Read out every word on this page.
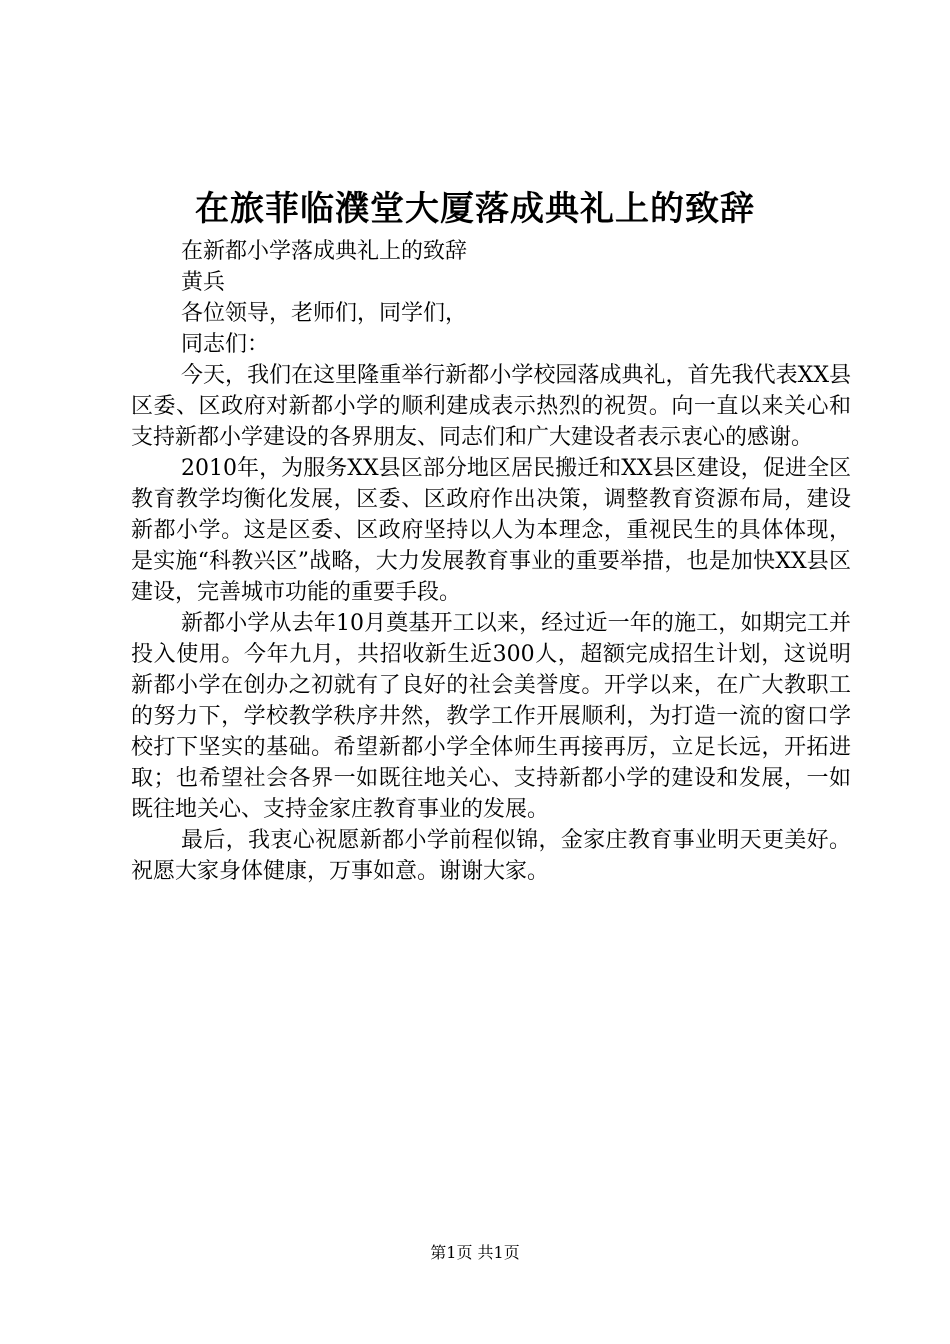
在旅菲临濮堂大厦落成典礼上的致辞
在新都小学落成典礼上的致辞
黄兵
各位领导，老师们，同学们，
同志们：

今天，我们在这里隆重举行新都小学校园落成典礼，首先我代表XX县区委、区政府对新都小学的顺利建成表示热烈的祝贺。向一直以来关心和支持新都小学建设的各界朋友、同志们和广大建设者表示衷心的感谢。

2010年，为服务XX县区部分地区居民搬迁和XX县区建设，促进全区教育教学均衡化发展，区委、区政府作出决策，调整教育资源布局，建设新都小学。这是区委、区政府坚持以人为本理念，重视民生的具体体现，是实施“科教兴区”战略，大力发展教育事业的重要举措，也是加快XX县区建设，完善城市功能的重要手段。

新都小学从去年10月奠基开工以来，经过近一年的施工，如期完工并投入使用。今年九月，共招收新生近300人，超额完成招生计划，这说明新都小学在创办之初就有了良好的社会美誉度。开学以来，在广大教职工的努力下，学校教学秩序井然，教学工作开展顺利，为打造一流的窗口学校打下坚实的基础。希望新都小学全体师生再接再厉，立足长远，开拓进取；也希望社会各界一如既往地关心、支持新都小学的建设和发展，一如既往地关心、支持金家庄教育事业的发展。

最后，我衷心祝愿新都小学前程似锦，金家庄教育事业明天更美好。祝愿大家身体健康，万事如意。谢谢大家。

第1页 共1页
